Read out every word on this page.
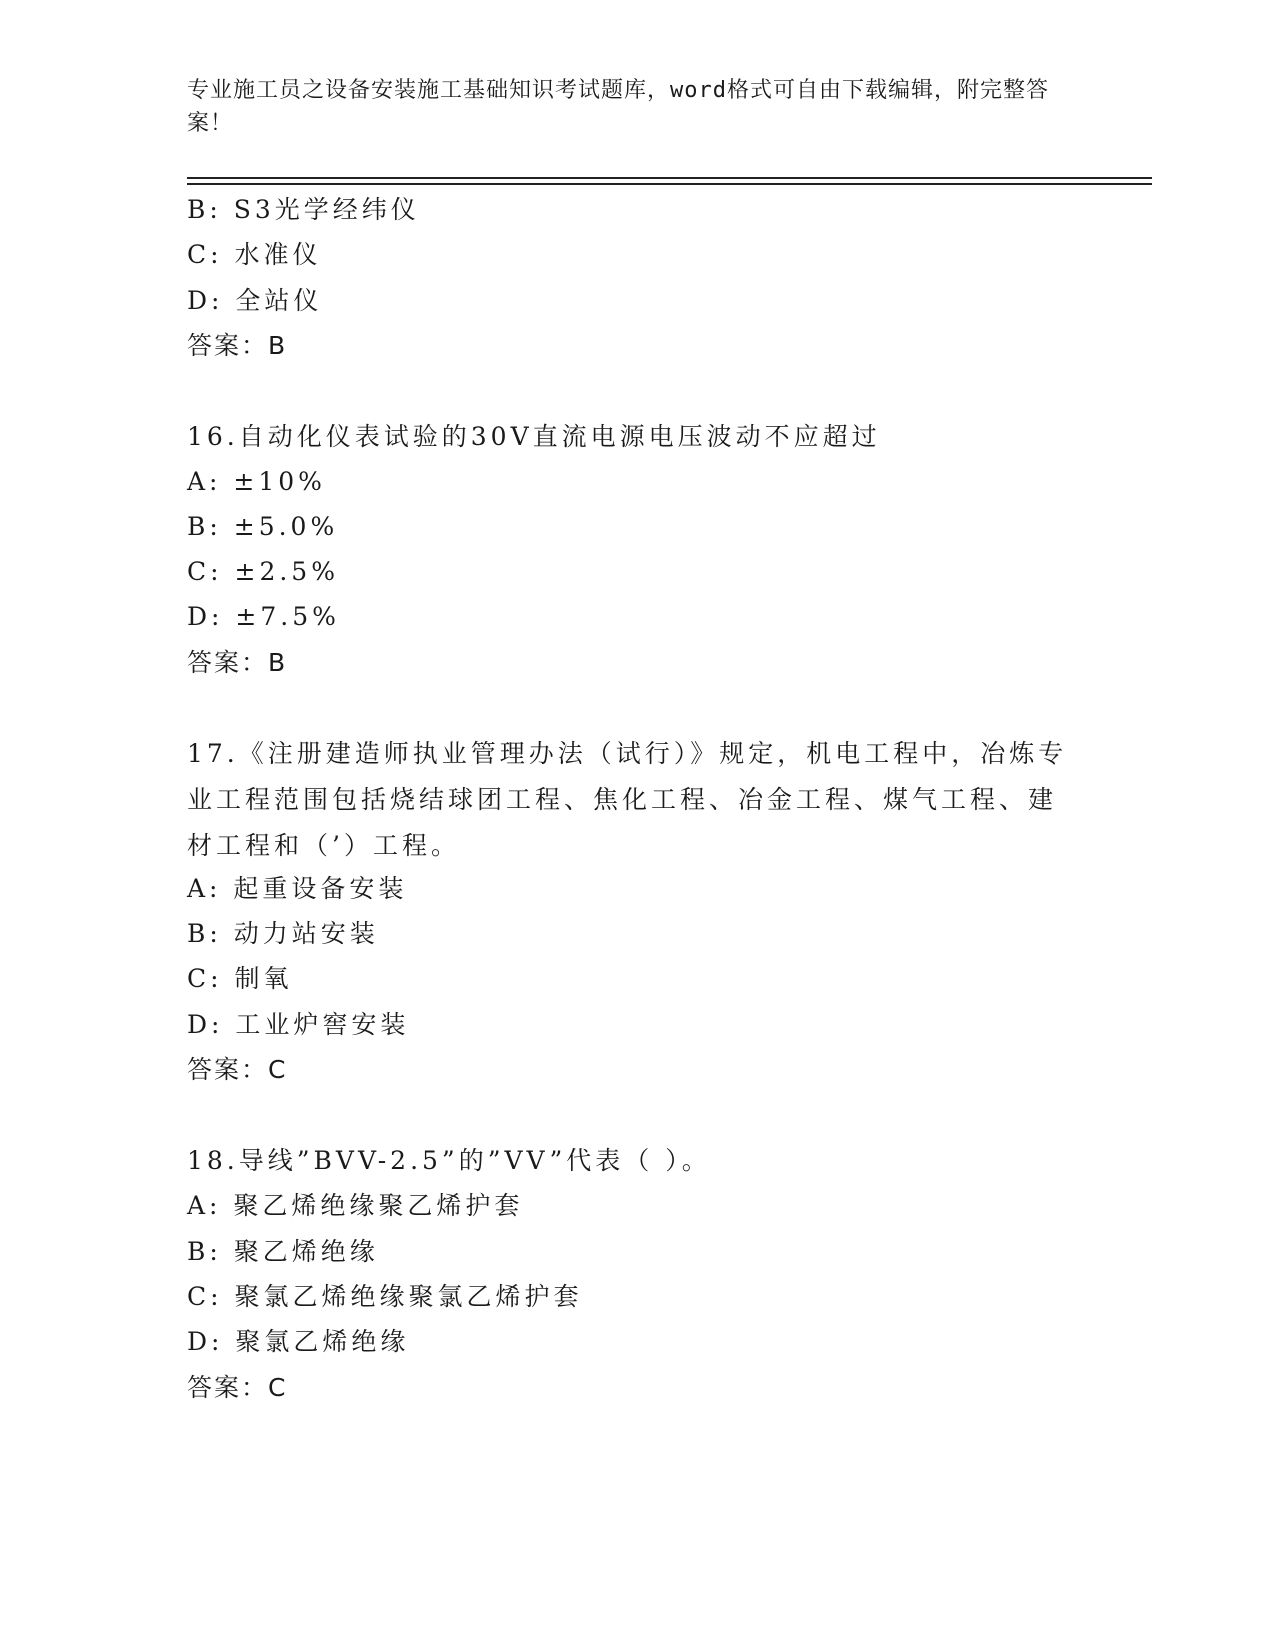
专业施工员之设备安装施工基础知识考试题库，word格式可自由下载编辑，附完整答案！
B: S3光学经纬仪
C: 水准仪
D: 全站仪
答案：B
16.自动化仪表试验的30V直流电源电压波动不应超过
A: ±10%
B: ±5.0%
C: ±2.5%
D: ±7.5%
答案：B
17.《注册建造师执业管理办法（试行）》规定，机电工程中，冶炼专业工程范围包括烧结球团工程、焦化工程、冶金工程、煤气工程、建材工程和（’）工程。
A: 起重设备安装
B: 动力站安装
C: 制氧
D: 工业炉窖安装
答案：C
18.导线”BVV-2.5”的”VV”代表（ ）。
A: 聚乙烯绝缘聚乙烯护套
B: 聚乙烯绝缘
C: 聚氯乙烯绝缘聚氯乙烯护套
D: 聚氯乙烯绝缘
答案：C
